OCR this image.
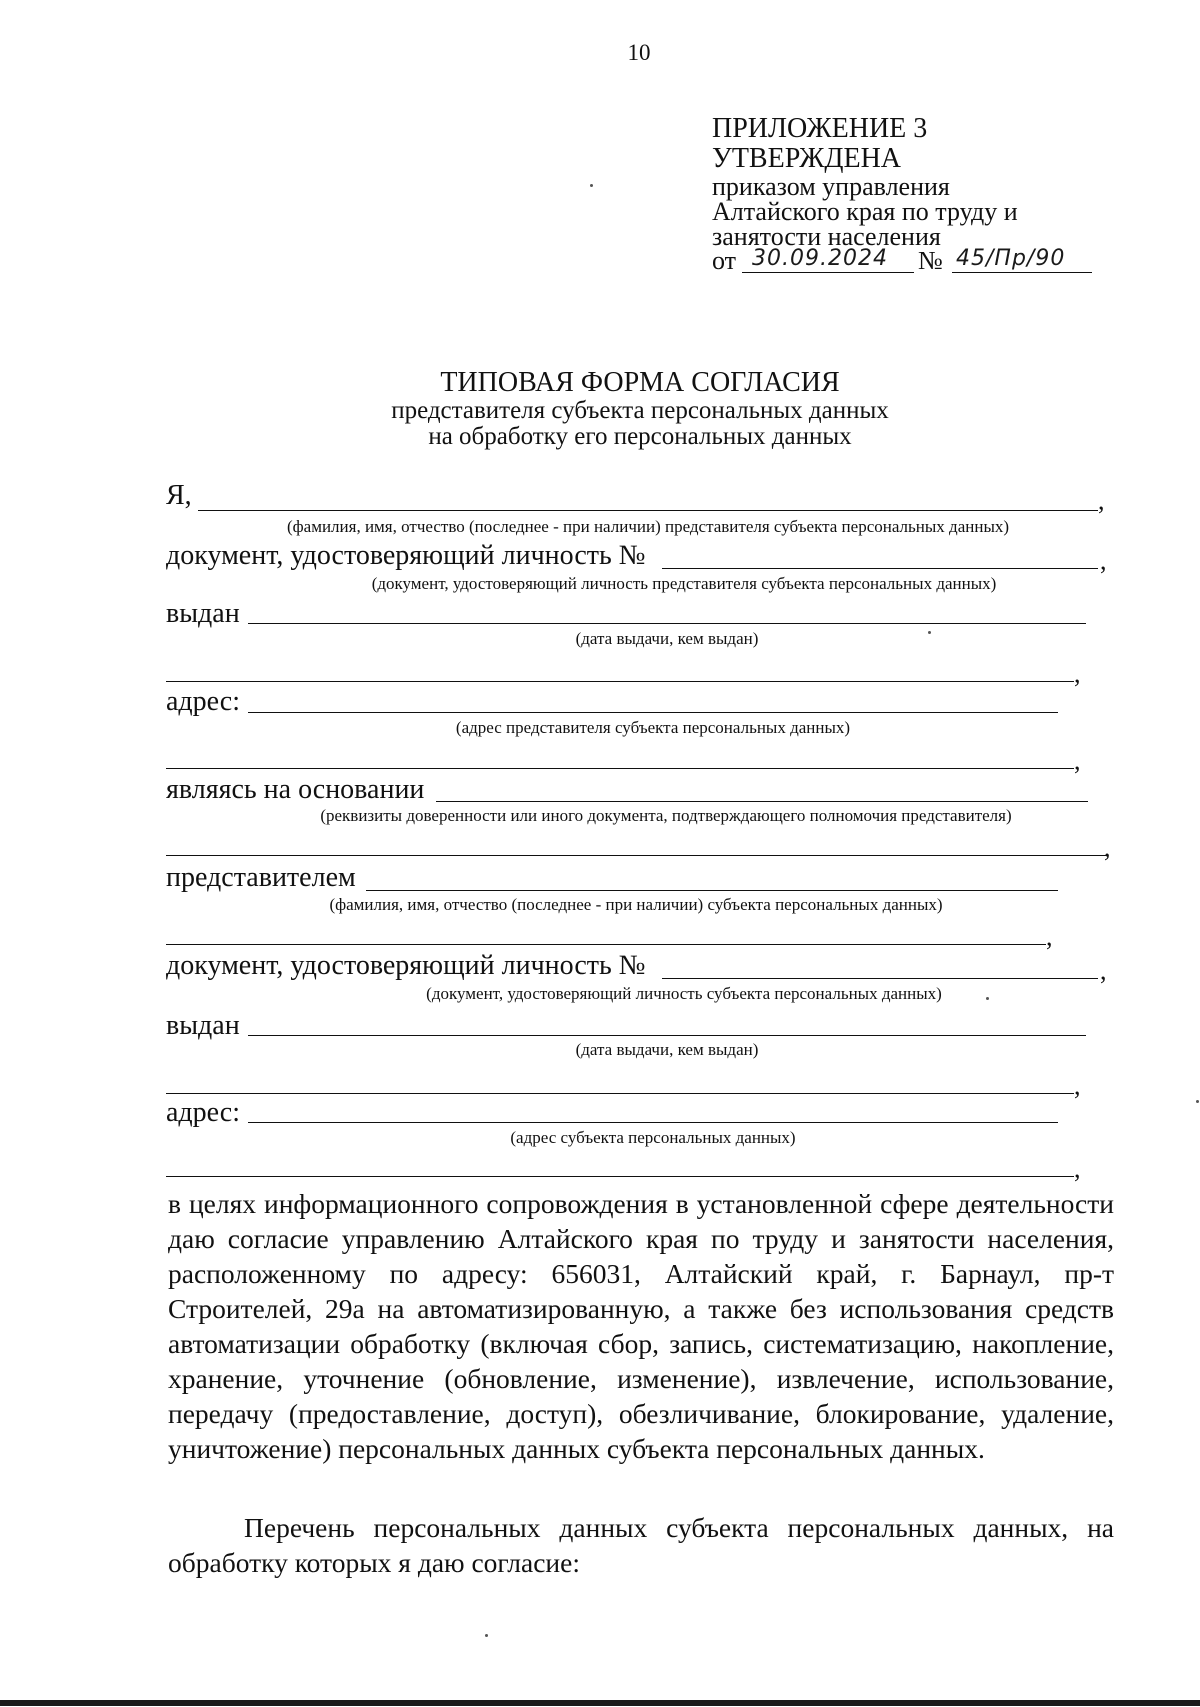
10
ПРИЛОЖЕНИЕ 3
УТВЕРЖДЕНА
приказом управления
Алтайского края по труду и
занятости населения
от 30.09.2024 № 45/Пр/90
ТИПОВАЯ ФОРМА СОГЛАСИЯ
представителя субъекта персональных данных
на обработку его персональных данных
Я,	,
(фамилия, имя, отчество (последнее - при наличии) представителя субъекта персональных данных)
документ, удостоверяющий личность №	,
(документ, удостоверяющий личность представителя субъекта персональных данных)
выдан
(дата выдачи, кем выдан)
,
адрес:
(адрес представителя субъекта персональных данных)
,
являясь на основании
(реквизиты доверенности или иного документа, подтверждающего полномочия представителя)
,
представителем
(фамилия, имя, отчество (последнее - при наличии) субъекта персональных данных)
,
документ, удостоверяющий личность №	,
(документ, удостоверяющий личность субъекта персональных данных)
выдан
(дата выдачи, кем выдан)
,
адрес:
(адрес субъекта персональных данных)
,
в целях информационного сопровождения в установленной сфере деятельности даю согласие управлению Алтайского края по труду и занятости населения, расположенному по адресу: 656031, Алтайский край, г. Барнаул, пр-т Строителей, 29а на автоматизированную, а также без использования средств автоматизации обработку (включая сбор, запись, систематизацию, накопление, хранение, уточнение (обновление, изменение), извлечение, использование, передачу (предоставление, доступ), обезличивание, блокирование, удаление, уничтожение) персональных данных субъекта персональных данных.
Перечень персональных данных субъекта персональных данных, на обработку которых я даю согласие:
